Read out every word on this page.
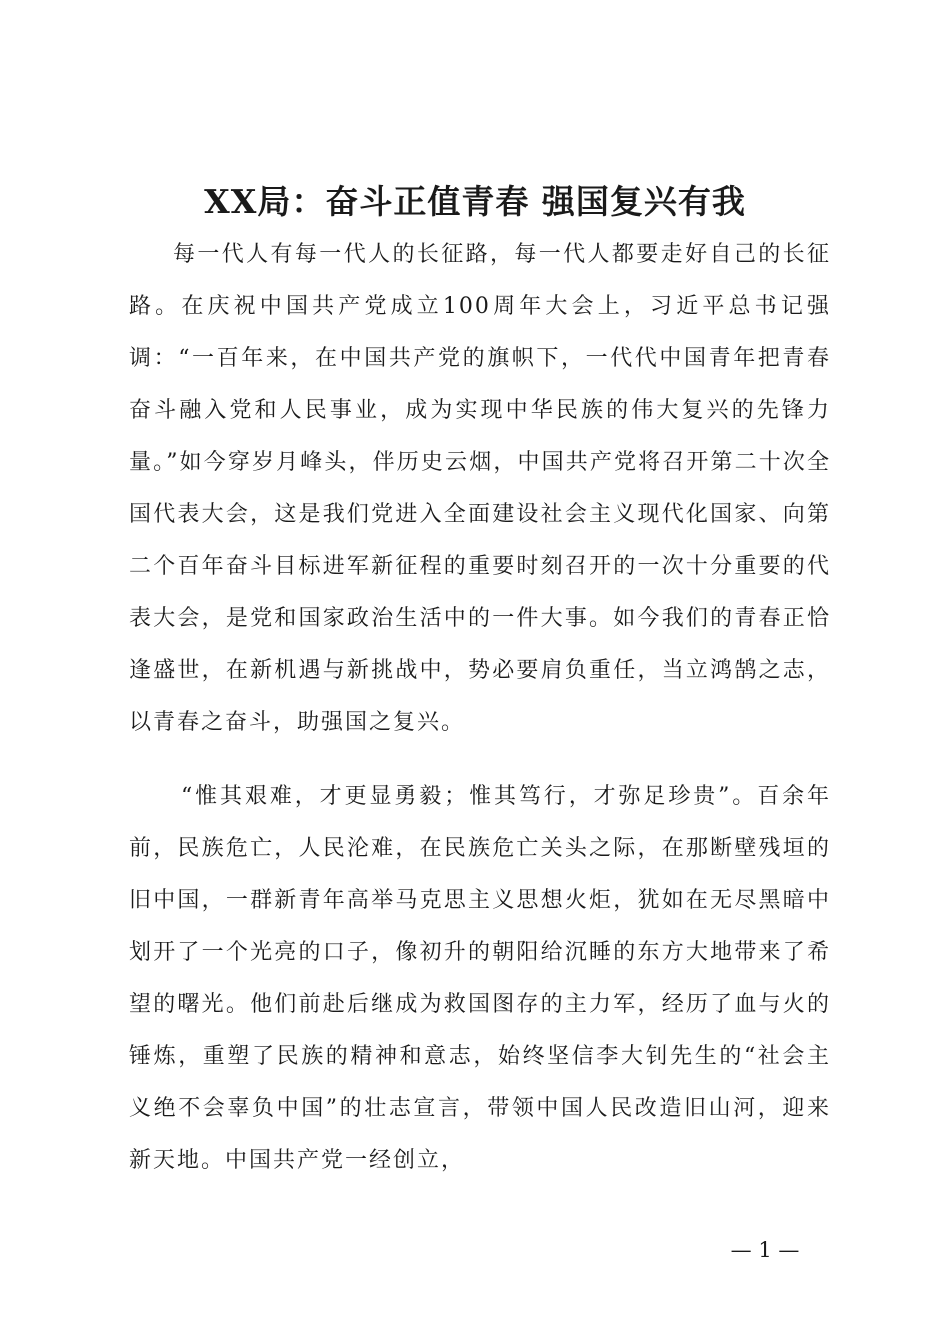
XX局：奋斗正值青春 强国复兴有我

每一代人有每一代人的长征路，每一代人都要走好自己的长征路。在庆祝中国共产党成立100周年大会上，习近平总书记强调：“一百年来，在中国共产党的旗帜下，一代代中国青年把青春奋斗融入党和人民事业，成为实现中华民族的伟大复兴的先锋力量。”如今穿岁月峰头，伴历史云烟，中国共产党将召开第二十次全国代表大会，这是我们党进入全面建设社会主义现代化国家、向第二个百年奋斗目标进军新征程的重要时刻召开的一次十分重要的代表大会，是党和国家政治生活中的一件大事。如今我们的青春正恰逢盛世，在新机遇与新挑战中，势必要肩负重任，当立鸿鹄之志，以青春之奋斗，助强国之复兴。

“惟其艰难，才更显勇毅；惟其笃行，才弥足珍贵”。百余年前，民族危亡，人民沦难，在民族危亡关头之际，在那断壁残垣的旧中国，一群新青年高举马克思主义思想火炬，犹如在无尽黑暗中划开了一个光亮的口子，像初升的朝阳给沉睡的东方大地带来了希望的曙光。他们前赴后继成为救国图存的主力军，经历了血与火的锤炼，重塑了民族的精神和意志，始终坚信李大钊先生的“社会主义绝不会辜负中国”的壮志宣言，带领中国人民改造旧山河，迎来新天地。中国共产党一经创立，

— 1 —
